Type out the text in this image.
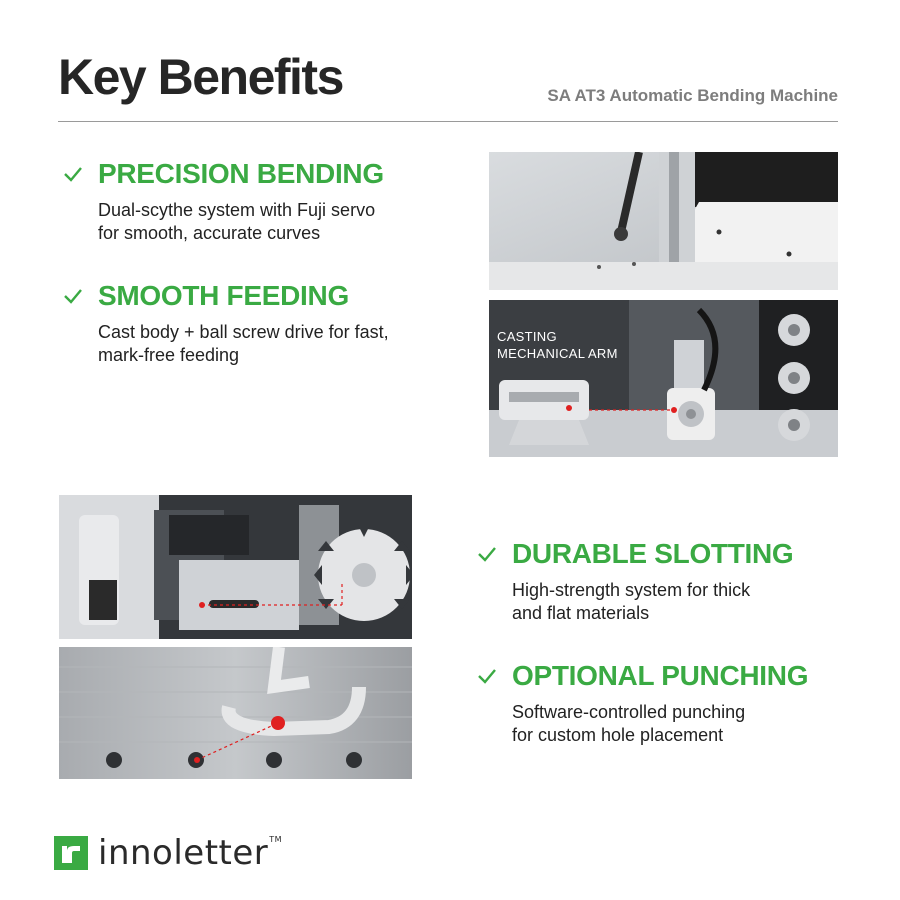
Key Benefits	SA AT3 Automatic Bending Machine
PRECISION BENDING
Dual-scythe system with Fuji servo
for smooth, accurate curves
SMOOTH FEEDING
Cast body + ball screw drive for fast,
mark-free feeding
DURABLE SLOTTING
High-strength system for thick
and flat materials
OPTIONAL PUNCHING
Software-controlled punching
for custom hole placement
CASTING
MECHANICAL ARM
innoletter™
